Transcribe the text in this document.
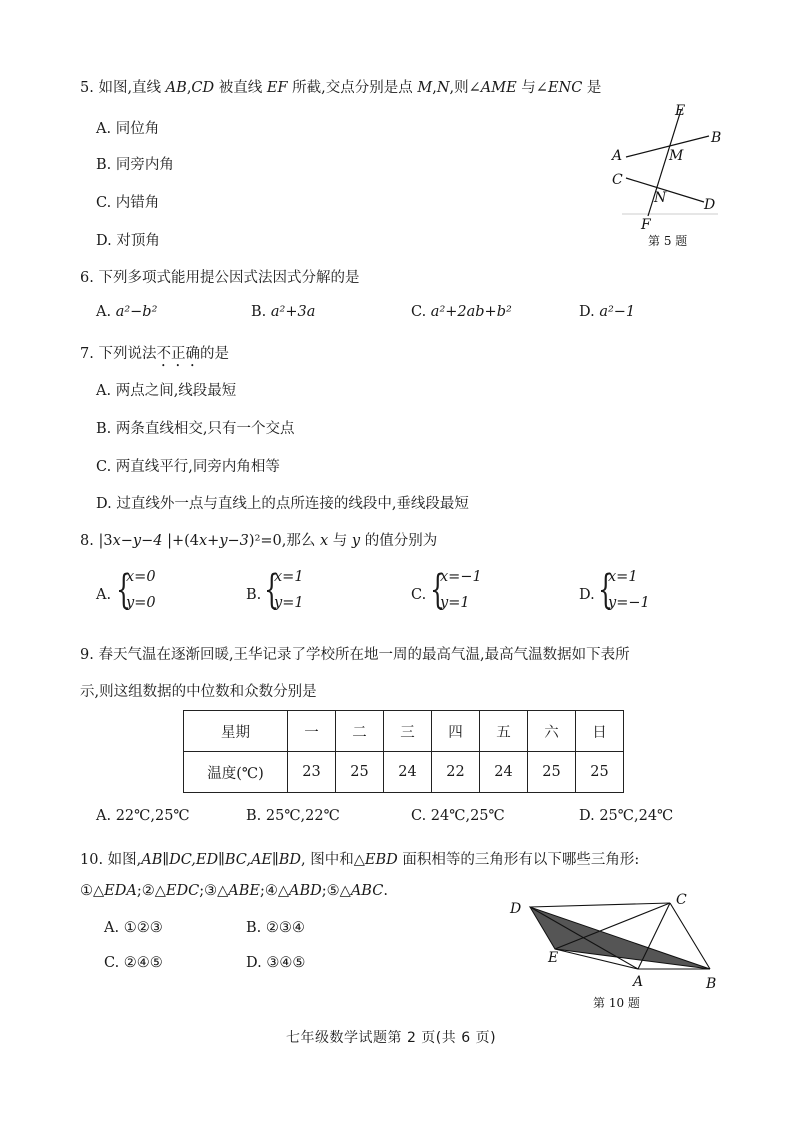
5. 如图,直线 AB,CD 被直线 EF 所截,交点分别是点 M,N,则∠AME 与∠ENC 是
A. 同位角
B. 同旁内角
C. 内错角
D. 对顶角
E
B
A	M
C
N	D
F
第 5 题
6. 下列多项式能用提公因式法因式分解的是
A. a²−b²	B. a²+3a	C. a²+2ab+b²	D. a²−1
7. 下列说法不正确的是
A. 两点之间,线段最短
B. 两条直线相交,只有一个交点
C. 两直线平行,同旁内角相等
D. 过直线外一点与直线上的点所连接的线段中,垂线段最短
8. |3x−y−4 |+(4x+y−3)²=0,那么 x 与 y 的值分别为
A. {
x=0
y=0	B. {
x=1
y=1	C. {
x=−1
y=1	D. {
x=1
y=−1
9. 春天气温在逐渐回暖,王华记录了学校所在地一周的最高气温,最高气温数据如下表所
示,则这组数据的中位数和众数分别是
星期	一	二	三	四	五	六	日
温度(℃)	23	25	24	22	24	25	25
A. 22℃,25℃	B. 25℃,22℃	C. 24℃,25℃	D. 25℃,24℃
10. 如图,AB∥DC,ED∥BC,AE∥BD, 图中和△EBD 面积相等的三角形有以下哪些三角形:
①△EDA;②△EDC;③△ABE;④△ABD;⑤△ABC.
A. ①②③	B. ②③④
C. ②④⑤	D. ③④⑤
D
C
E
A	B
第 10 题
七年级数学试题第 2 页(共 6 页)
